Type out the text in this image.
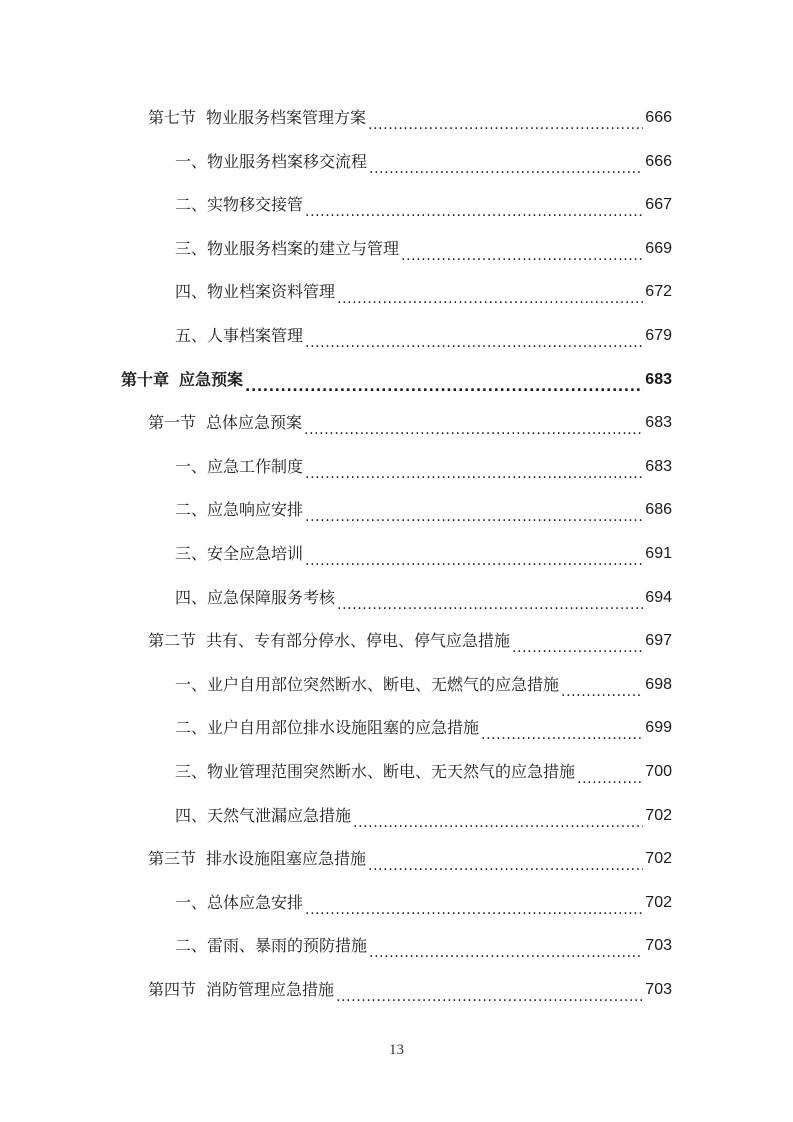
第七节 物业服务档案管理方案 .....	666
一、物业服务档案移交流程 .....	666
二、实物移交接管 .....	667
三、物业服务档案的建立与管理 .....	669
四、物业档案资料管理 .....	672
五、人事档案管理 .....	679
第十章 应急预案 .....	683
第一节 总体应急预案 .....	683
一、应急工作制度 .....	683
二、应急响应安排 .....	686
三、安全应急培训 .....	691
四、应急保障服务考核 .....	694
第二节 共有、专有部分停水、停电、停气应急措施 .....	697
一、业户自用部位突然断水、断电、无燃气的应急措施 .....	698
二、业户自用部位排水设施阻塞的应急措施 .....	699
三、物业管理范围突然断水、断电、无天然气的应急措施 .....	700
四、天然气泄漏应急措施 .....	702
第三节 排水设施阻塞应急措施 .....	702
一、总体应急安排 .....	702
二、雷雨、暴雨的预防措施 .....	703
第四节 消防管理应急措施 .....	703
13
